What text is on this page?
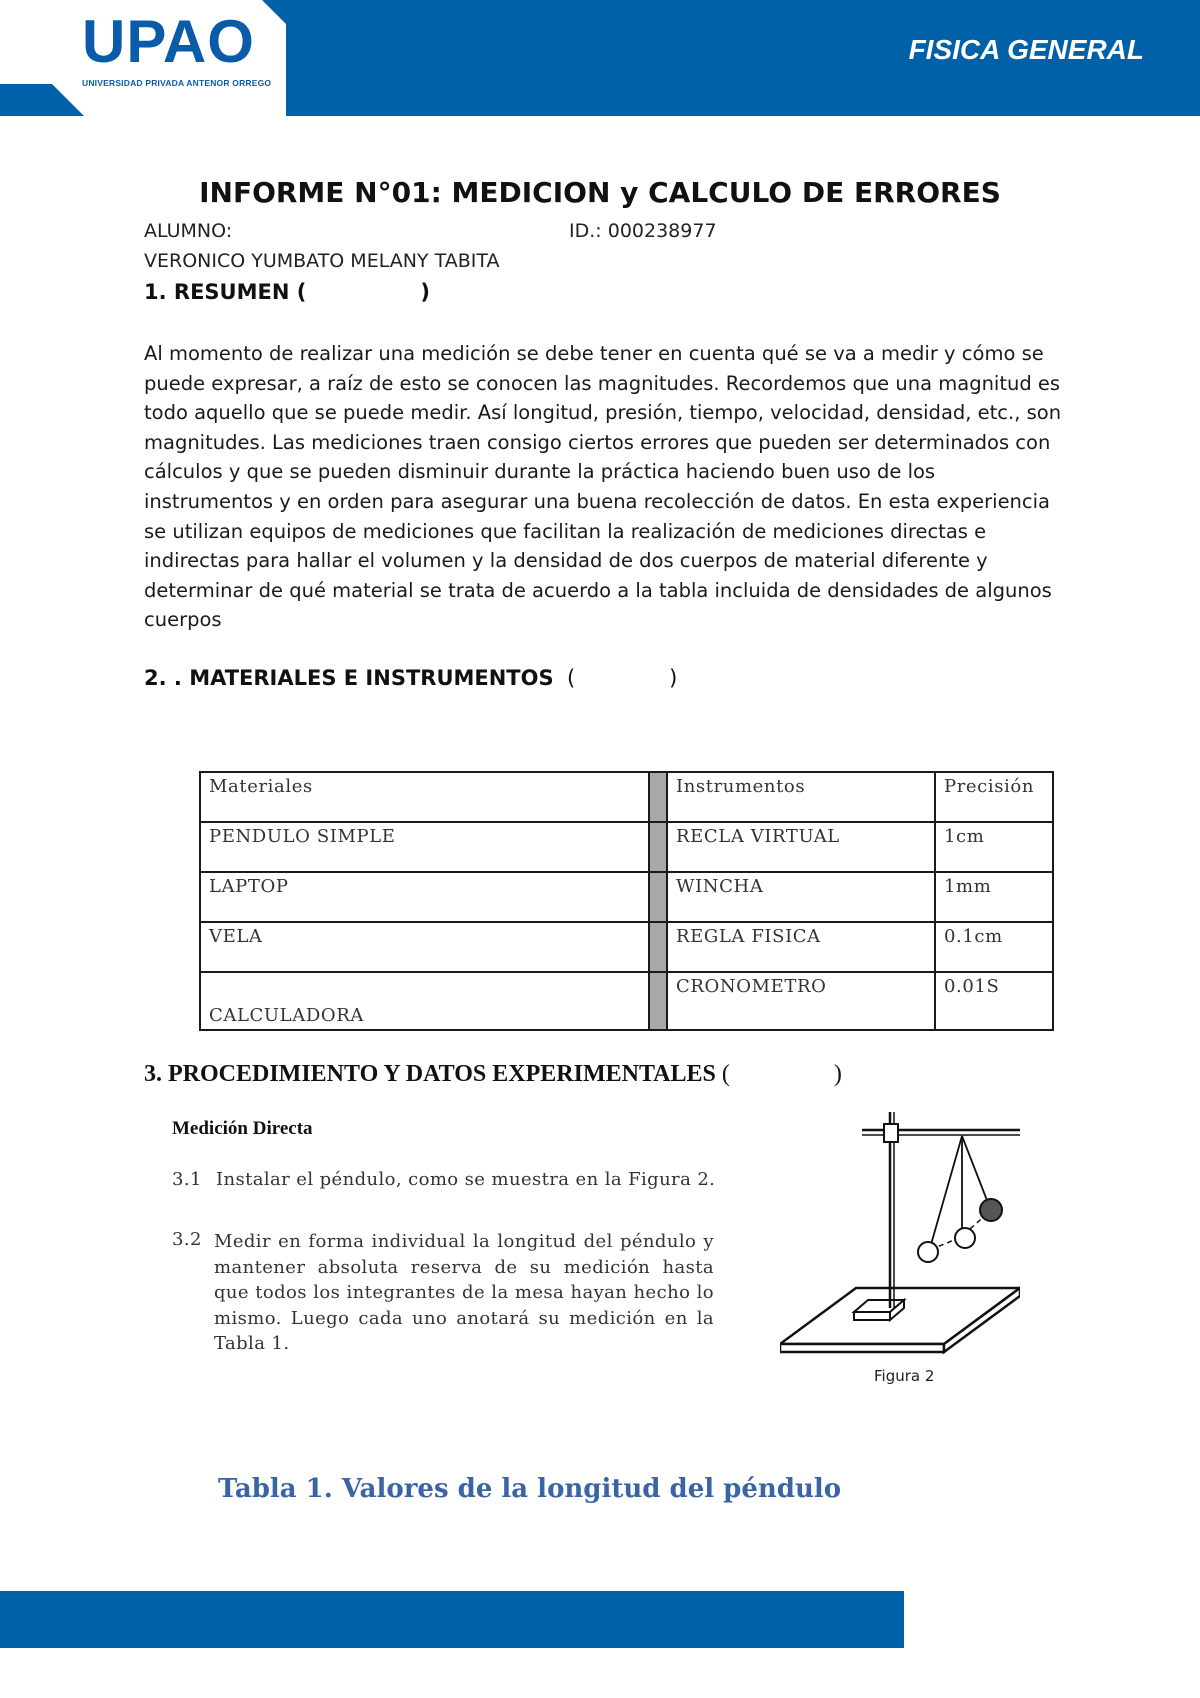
UPAO
UNIVERSIDAD PRIVADA ANTENOR ORREGO
FISICA GENERAL
INFORME N°01: MEDICION y CALCULO DE ERRORES
ALUMNO:	ID.: 000238977
VERONICO YUMBATO MELANY TABITA
1. RESUMEN (	)
Al momento de realizar una medición se debe tener en cuenta qué se va a medir y cómo se puede expresar, a raíz de esto se conocen las magnitudes. Recordemos que una magnitud es todo aquello que se puede medir. Así longitud, presión, tiempo, velocidad, densidad, etc., son magnitudes. Las mediciones traen consigo ciertos errores que pueden ser determinados con cálculos y que se pueden disminuir durante la práctica haciendo buen uso de los instrumentos y en orden para asegurar una buena recolección de datos. En esta experiencia se utilizan equipos de mediciones que facilitan la realización de mediciones directas e indirectas para hallar el volumen y la densidad de dos cuerpos de material diferente y determinar de qué material se trata de acuerdo a la tabla incluida de densidades de algunos cuerpos
2. . MATERIALES E INSTRUMENTOS (	)
Materiales		Instrumentos	Precisión
PENDULO SIMPLE		RECLA VIRTUAL	1cm
LAPTOP		WINCHA	1mm
VELA		REGLA FISICA	0.1cm
CALCULADORA		CRONOMETRO	0.01S
3. PROCEDIMIENTO Y DATOS EXPERIMENTALES (	)
Medición Directa
3.1 Instalar el péndulo, como se muestra en la Figura 2.
3.2 Medir en forma individual la longitud del péndulo y mantener absoluta reserva de su medición hasta que todos los integrantes de la mesa hayan hecho lo mismo. Luego cada uno anotará su medición en la Tabla 1.
Figura 2
Tabla 1. Valores de la longitud del péndulo
